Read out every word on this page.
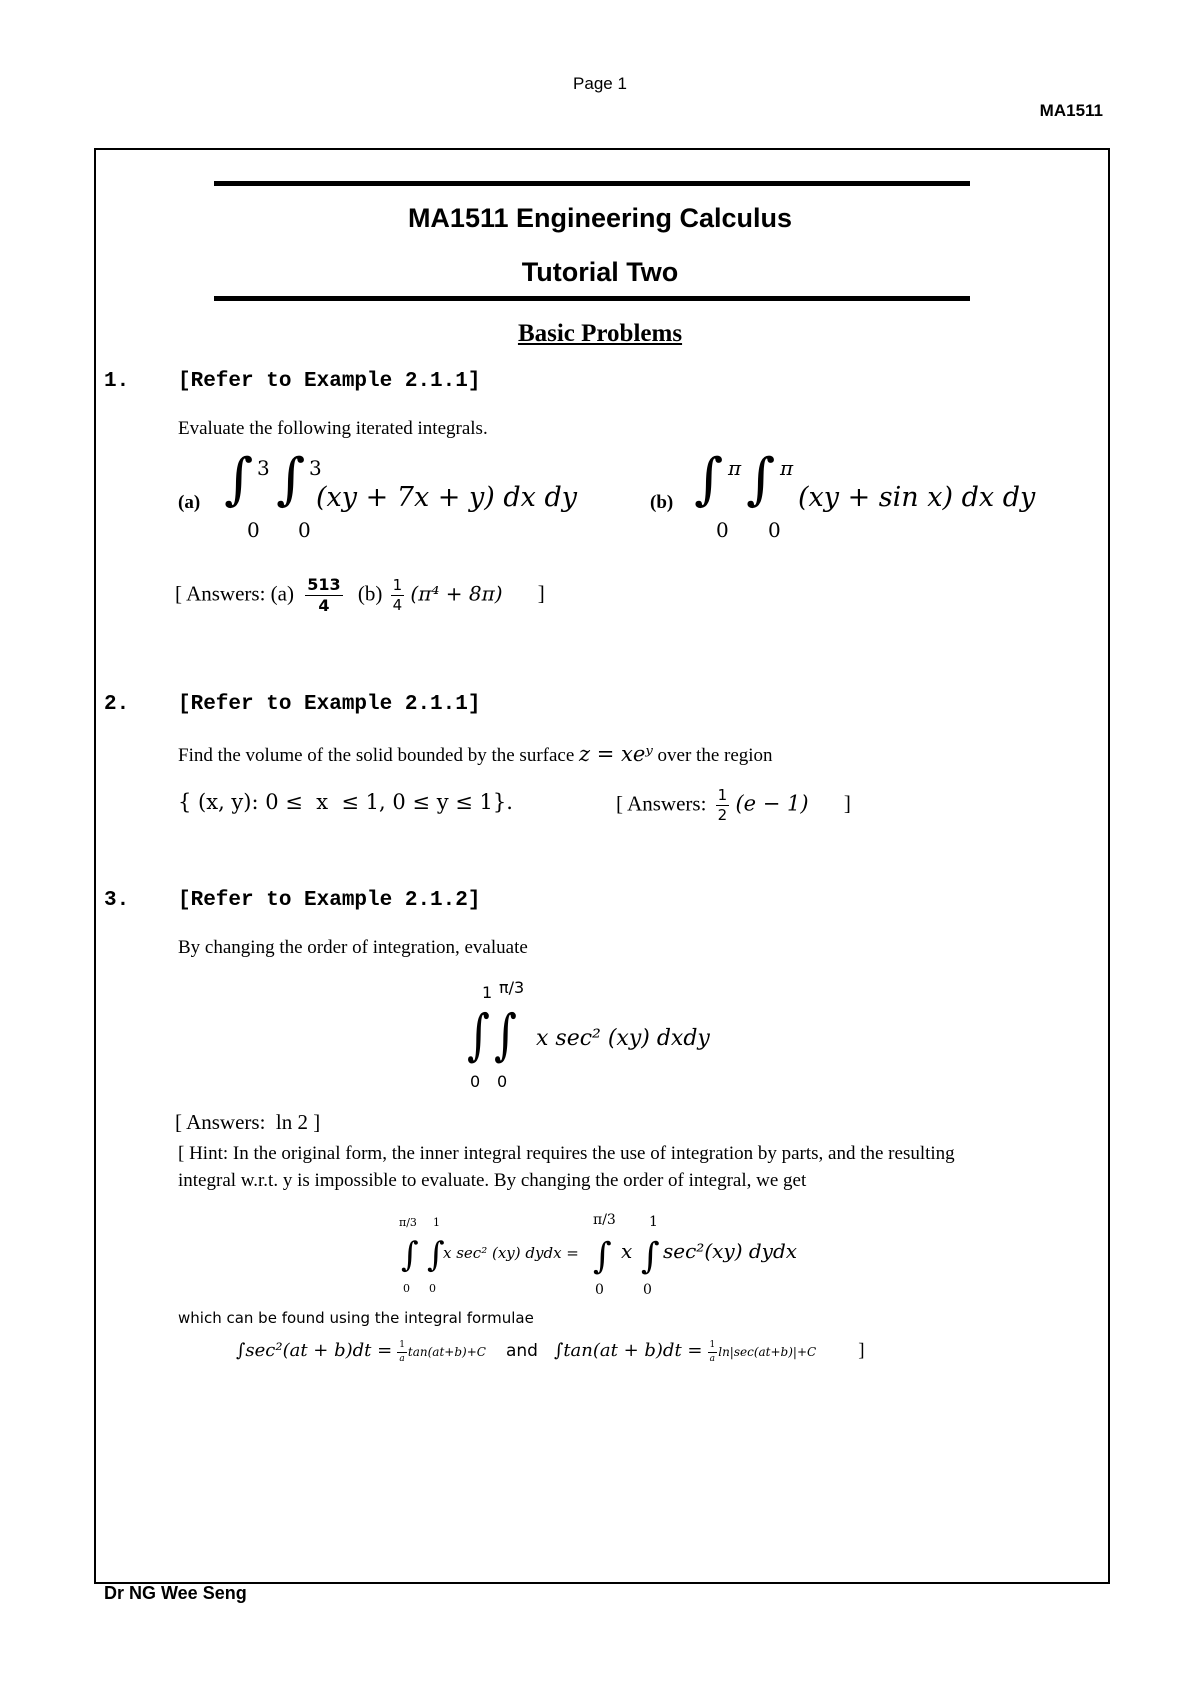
Page 1
MA1511
MA1511 Engineering Calculus
Tutorial Two
Basic Problems
1. [Refer to Example 2.1.1]
Evaluate the following iterated integrals.
(a) ∫ ∫
3 3
0 0
(xy + 7x + y) dx dy	(b) ∫ ∫
π π
0 0
(xy + sin x) dx dy
[ Answers: $(a) \frac{513}{4} (b) \frac{1}{4} (\pi^4 + 8\pi)$ ]
2. [Refer to Example 2.1.1]
Find the volume of the solid bounded by the surface z = xeʸ over the region
{ (x, y): 0 ≤  x  ≤ 1, 0 ≤ y ≤ 1}.	[ Answers: $\frac{1}{2} (e - 1)$ ]
3. [Refer to Example 2.1.2]
By changing the order of integration, evaluate
1 π/3
∫ ∫
0 0
x sec² (xy) dxdy
[ Answers:  ln 2 ]
[ Hint: In the original form, the inner integral requires the use of integration by parts, and the resulting
integral w.r.t. y is impossible to evaluate. By changing the order of integral, we get
π/3 1
∫ ∫
0 0
x sec² (xy) dydx =
π/3 1
∫ ∫
0	0
x sec²(xy) dydx
which can be found using the integral formulae
$\int\sec^2(at + b)dt = \frac{1}{a} \tan(at+b)+C$ and $\int\tan(at + b)dt = \frac{1}{a} \ln|\sec(at+b)|+C$ ]
Dr NG Wee Seng
